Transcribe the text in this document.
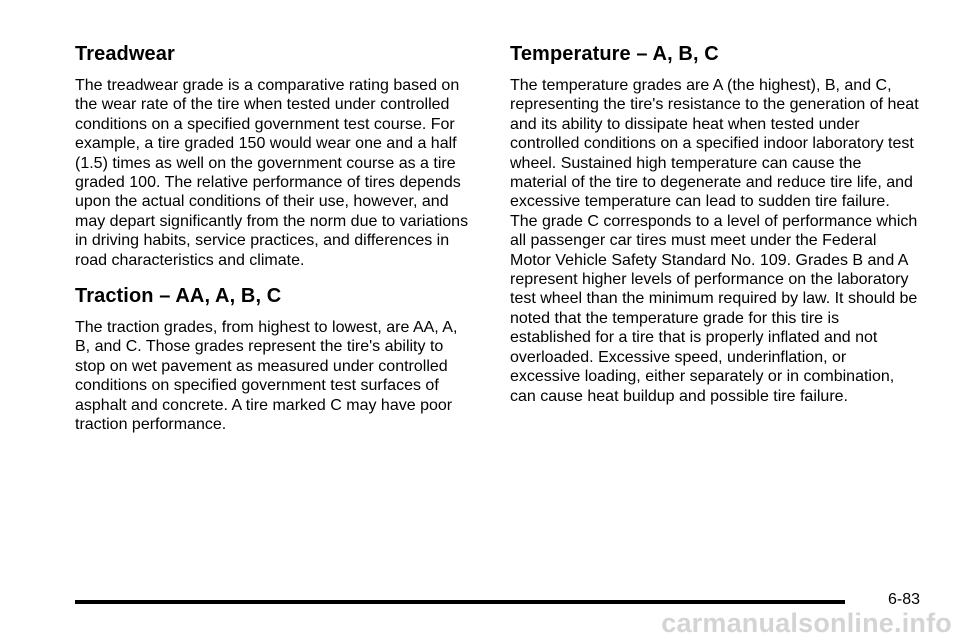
Treadwear

The treadwear grade is a comparative rating based on the wear rate of the tire when tested under controlled conditions on a specified government test course. For example, a tire graded 150 would wear one and a half (1.5) times as well on the government course as a tire graded 100. The relative performance of tires depends upon the actual conditions of their use, however, and may depart significantly from the norm due to variations in driving habits, service practices, and differences in road characteristics and climate.

Traction – AA, A, B, C

The traction grades, from highest to lowest, are AA, A, B, and C. Those grades represent the tire's ability to stop on wet pavement as measured under controlled conditions on specified government test surfaces of asphalt and concrete. A tire marked C may have poor traction performance.

Temperature – A, B, C

The temperature grades are A (the highest), B, and C, representing the tire's resistance to the generation of heat and its ability to dissipate heat when tested under controlled conditions on a specified indoor laboratory test wheel. Sustained high temperature can cause the material of the tire to degenerate and reduce tire life, and excessive temperature can lead to sudden tire failure. The grade C corresponds to a level of performance which all passenger car tires must meet under the Federal Motor Vehicle Safety Standard No. 109. Grades B and A represent higher levels of performance on the laboratory test wheel than the minimum required by law. It should be noted that the temperature grade for this tire is established for a tire that is properly inflated and not overloaded. Excessive speed, underinflation, or excessive loading, either separately or in combination, can cause heat buildup and possible tire failure.

6-83
carmanualsonline.info
